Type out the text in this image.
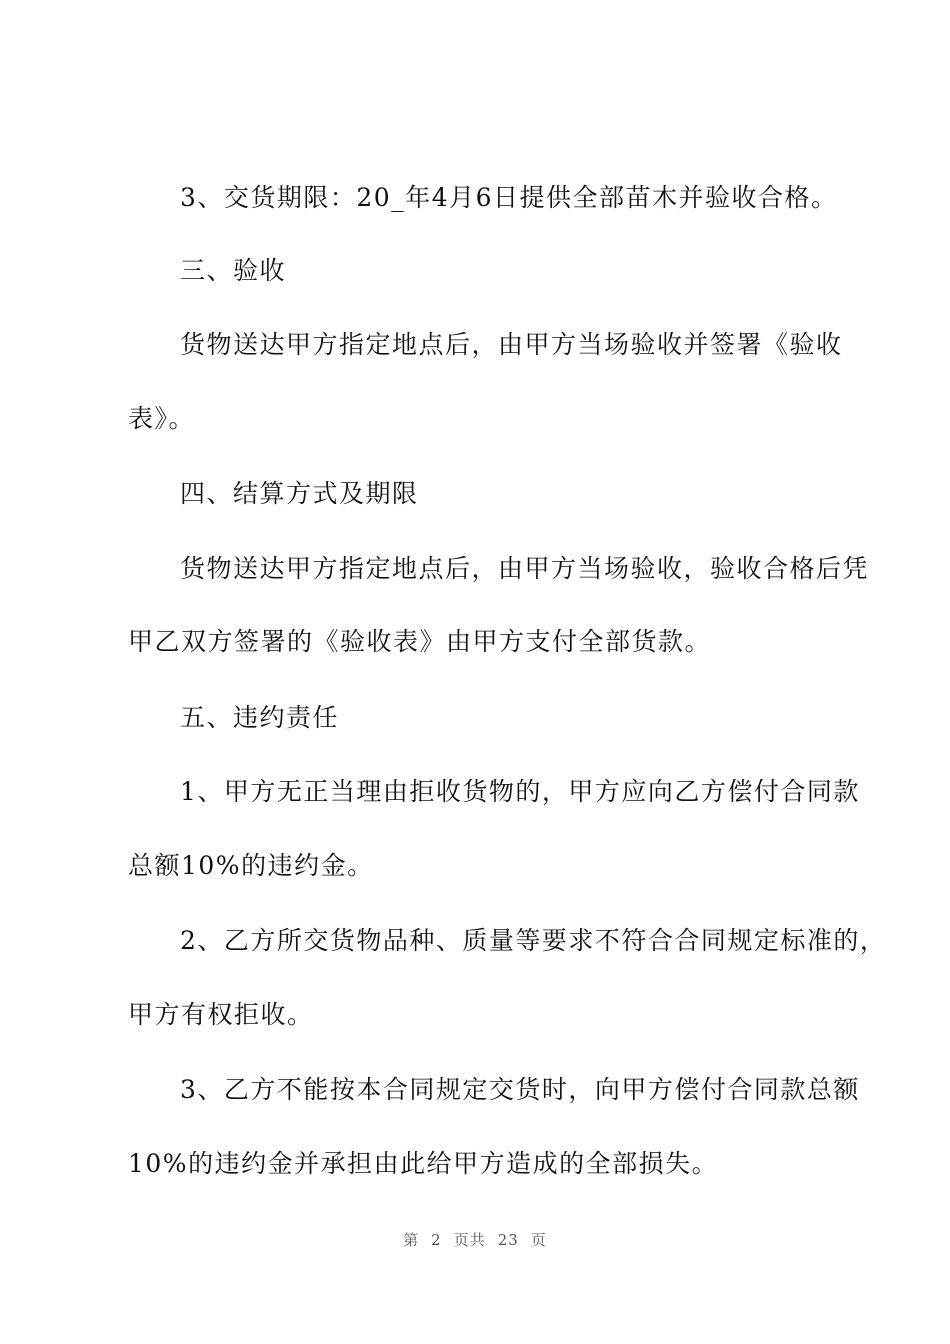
3、交货期限：20_年4月6日提供全部苗木并验收合格。
三、验收
货物送达甲方指定地点后，由甲方当场验收并签署《验收
表》。
四、结算方式及期限
货物送达甲方指定地点后，由甲方当场验收，验收合格后凭
甲乙双方签署的《验收表》由甲方支付全部货款。
五、违约责任
1、甲方无正当理由拒收货物的，甲方应向乙方偿付合同款
总额10%的违约金。
2、乙方所交货物品种、质量等要求不符合合同规定标准的，
甲方有权拒收。
3、乙方不能按本合同规定交货时，向甲方偿付合同款总额
10%的违约金并承担由此给甲方造成的全部损失。
第 2 页共 23 页
